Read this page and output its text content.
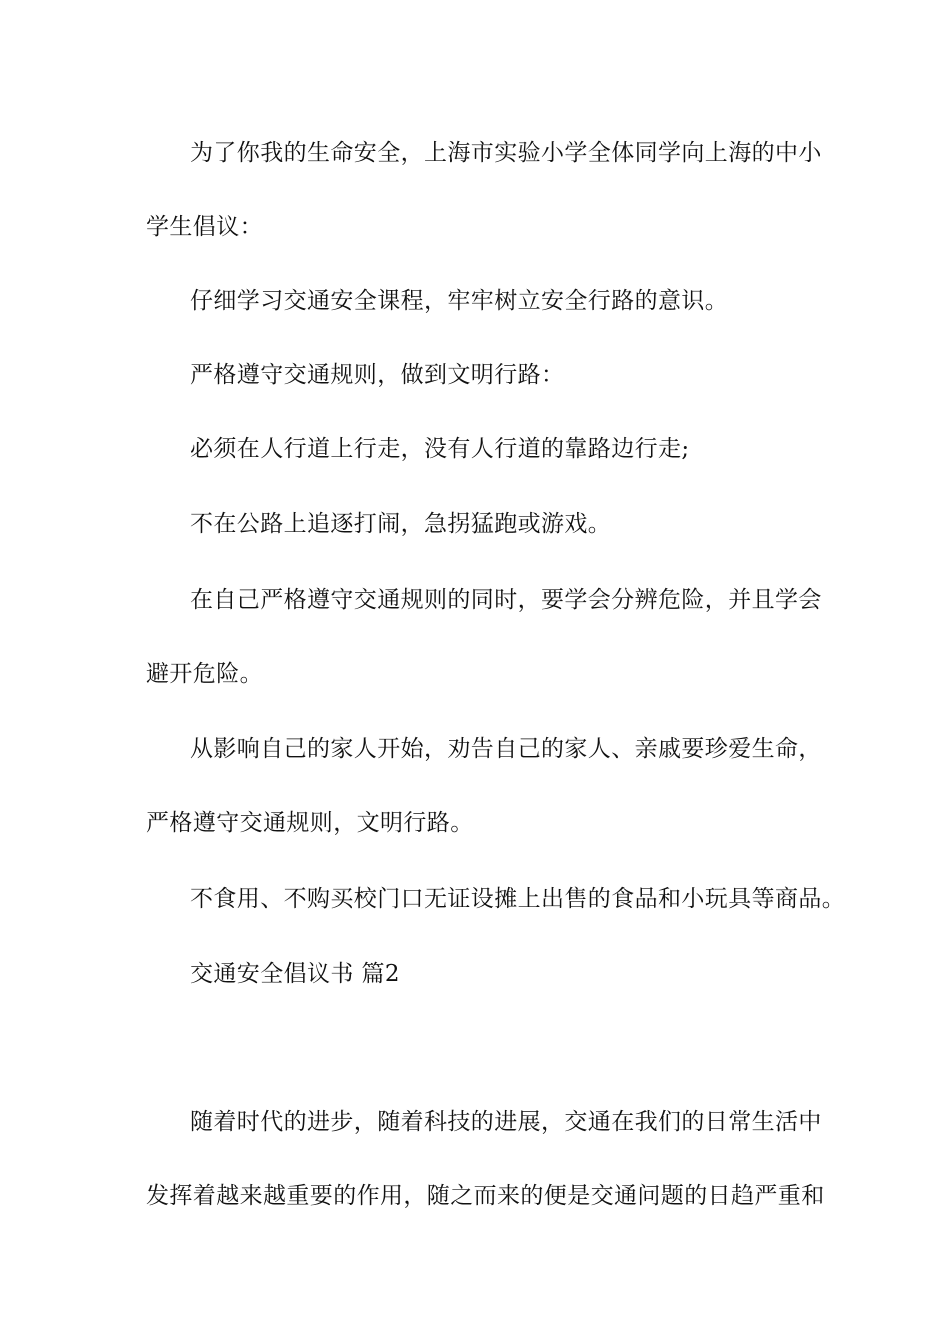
为了你我的生命安全，上海市实验小学全体同学向上海的中小
学生倡议：
仔细学习交通安全课程，牢牢树立安全行路的意识。
严格遵守交通规则，做到文明行路：
必须在人行道上行走，没有人行道的靠路边行走;
不在公路上追逐打闹，急拐猛跑或游戏。
在自己严格遵守交通规则的同时，要学会分辨危险，并且学会
避开危险。
从影响自己的家人开始，劝告自己的家人、亲戚要珍爱生命，
严格遵守交通规则，文明行路。
不食用、不购买校门口无证设摊上出售的食品和小玩具等商品。
交通安全倡议书 篇2
随着时代的进步，随着科技的进展，交通在我们的日常生活中
发挥着越来越重要的作用，随之而来的便是交通问题的日趋严重和
